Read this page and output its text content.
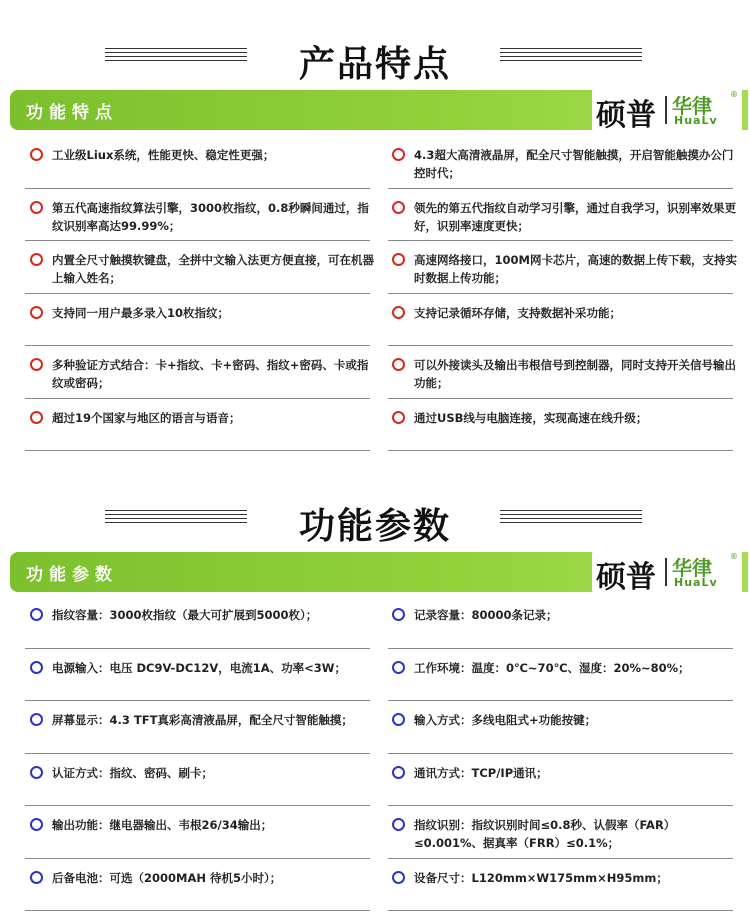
产品特点
功能特点	硕普 华律
HuaLv
®
工业级Liux系统，性能更快、稳定性更强；
第五代高速指纹算法引擎，3000枚指纹，0.8秒瞬间通过，指纹识别率高达99.99%；
内置全尺寸触摸软键盘，全拼中文输入法更方便直接，可在机器上输入姓名；
支持同一用户最多录入10枚指纹；
多种验证方式结合：卡+指纹、卡+密码、指纹+密码、卡或指纹或密码；
超过19个国家与地区的语言与语音；
4.3超大高清液晶屏，配全尺寸智能触摸，开启智能触摸办公门控时代；
领先的第五代指纹自动学习引擎，通过自我学习，识别率效果更好，识别率速度更快；
高速网络接口，100M网卡芯片，高速的数据上传下载，支持实时数据上传功能；
支持记录循环存储，支持数据补采功能；
可以外接读头及输出韦根信号到控制器，同时支持开关信号输出功能；
通过USB线与电脑连接，实现高速在线升级；
功能参数
功能参数	硕普 华律
HuaLv
®
指纹容量：3000枚指纹（最大可扩展到5000枚）；
电源输入：电压 DC9V-DC12V，电流1A、功率<3W；
屏幕显示：4.3 TFT真彩高清液晶屏，配全尺寸智能触摸；
认证方式：指纹、密码、刷卡；
输出功能：继电器输出、韦根26/34输出；
后备电池：可选（2000MAH 待机5小时）；
记录容量：80000条记录；
工作环境：温度：0℃~70℃、湿度：20%~80%；
输入方式：多线电阻式+功能按键；
通讯方式：TCP/IP通讯；
指纹识别：指纹识别时间≤0.8秒、认假率（FAR）≤0.001%、据真率（FRR）≤0.1%；
设备尺寸：L120mm×W175mm×H95mm；
